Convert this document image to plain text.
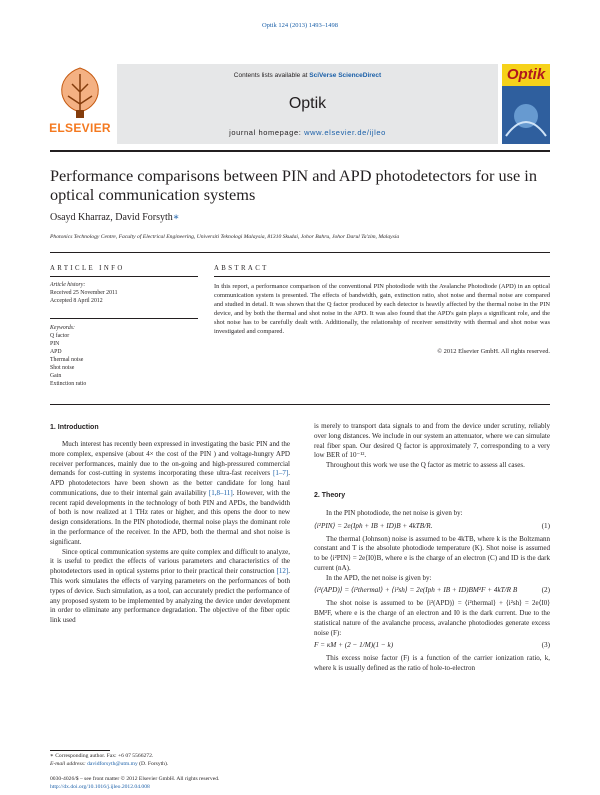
Optik 124 (2013) 1493–1498
ELSEVIER
Contents lists available at SciVerse ScienceDirect
Optik
journal homepage: www.elsevier.de/ijleo
Optik
Performance comparisons between PIN and APD photodetectors for use in optical communication systems
Osayd Kharraz, David Forsyth∗
Photonics Technology Centre, Faculty of Electrical Engineering, Universiti Teknologi Malaysia, 81310 Skudai, Johor Bahru, Johor Darul Ta'zim, Malaysia
ARTICLE INFO
Article history:
Received 25 November 2011
Accepted 8 April 2012
Keywords:
Q factor
PIN
APD
Thermal noise
Shot noise
Gain
Extinction ratio
ABSTRACT
In this report, a performance comparison of the conventional PIN photodiode with the Avalanche Photodiode (APD) in an optical communication system is presented. The effects of bandwidth, gain, extinction ratio, shot noise and thermal noise are compared and studied in detail. It was shown that the Q factor produced by each detector is heavily affected by the thermal noise in the PIN device, and by both the thermal and shot noise in the APD. It was also found that the APD's gain plays a significant role, and the shot noise has to be carefully dealt with. Additionally, the relationship of receiver sensitivity with thermal and shot noise was investigated and compared.
© 2012 Elsevier GmbH. All rights reserved.
1. Introduction

Much interest has recently been expressed in investigating the basic PIN and the more complex, expensive (about 4× the cost of the PIN ) and voltage-hungry APD receiver performances, mainly due to the on-going and high-pressured commercial demands for cost-cutting in systems incorporating these ultra-fast receivers [1–7]. APD photodetectors have been shown as the better candidate for long haul communications, due to their internal gain availability [1,8–11]. However, with the recent rapid developments in the technology of both PIN and APDs, the bandwidth of both is now realized at 1 THz rates or higher, and this opens the door to new design considerations. In the PIN photodiode, thermal noise plays the dominant role in the performance of the receiver. In the APD, both the thermal and shot noise is significant.

Since optical communication systems are quite complex and difficult to analyze, it is useful to predict the effects of various parameters and characteristics of the photodetectors used in optical systems prior to their practical their construction [12]. This work simulates the effects of varying parameters on the performances of both types of device. Such simulation, as a tool, can accurately predict the performance of any proposed system to be implemented by analyzing the device under development in order to eliminate any performance degradation. The objective of the fiber optic link used

is merely to transport data signals to and from the device under scrutiny, reliably over long distances. We include in our system an attenuator, where we can simulate real fiber span. Our desired Q factor is approximately 7, corresponding to a very low BER of 10⁻¹².

Throughout this work we use the Q factor as metric to assess all cases.

2. Theory

In the PIN photodiode, the net noise is given by:

⟨i²PIN⟩ = 2e(Iph + IB + ID)B + 4kTB/R.	(1)

The thermal (Johnson) noise is assumed to be 4kTB, where k is the Boltzmann constant and T is the absolute photodiode temperature (K). Shot noise is assumed to be ⟨i²PIN⟩ = 2e⟨I0⟩B, where e is the charge of an electron (C) and ID is the dark current (nA).

In the APD, the net noise is given by:

⟨i²(APD)⟩ = ⟨i²thermal⟩ + ⟨i²sh⟩ = 2e(Iph + IB + ID)BM²F + 4kT/R B	(2)

The shot noise is assumed to be ⟨i²(APD)⟩ = ⟨i²thermal⟩ + ⟨i²sh⟩ = 2e⟨I0⟩BM²F, where e is the charge of an electron and I0 is the dark current. Due to the statistical nature of the avalanche process, avalanche photodiodes generate excess noise (F):

F = κM + (2 − 1/M)(1 − k)	(3)

This excess noise factor (F) is a function of the carrier ionization ratio, k, where k is usually defined as the ratio of hole-to-electron

∗ Corresponding author. Fax: +6 07 5566272.
E-mail address: davidforsyth@utm.my (D. Forsyth).
0030-4026/$ – see front matter © 2012 Elsevier GmbH. All rights reserved.
http://dx.doi.org/10.1016/j.ijleo.2012.04.008
